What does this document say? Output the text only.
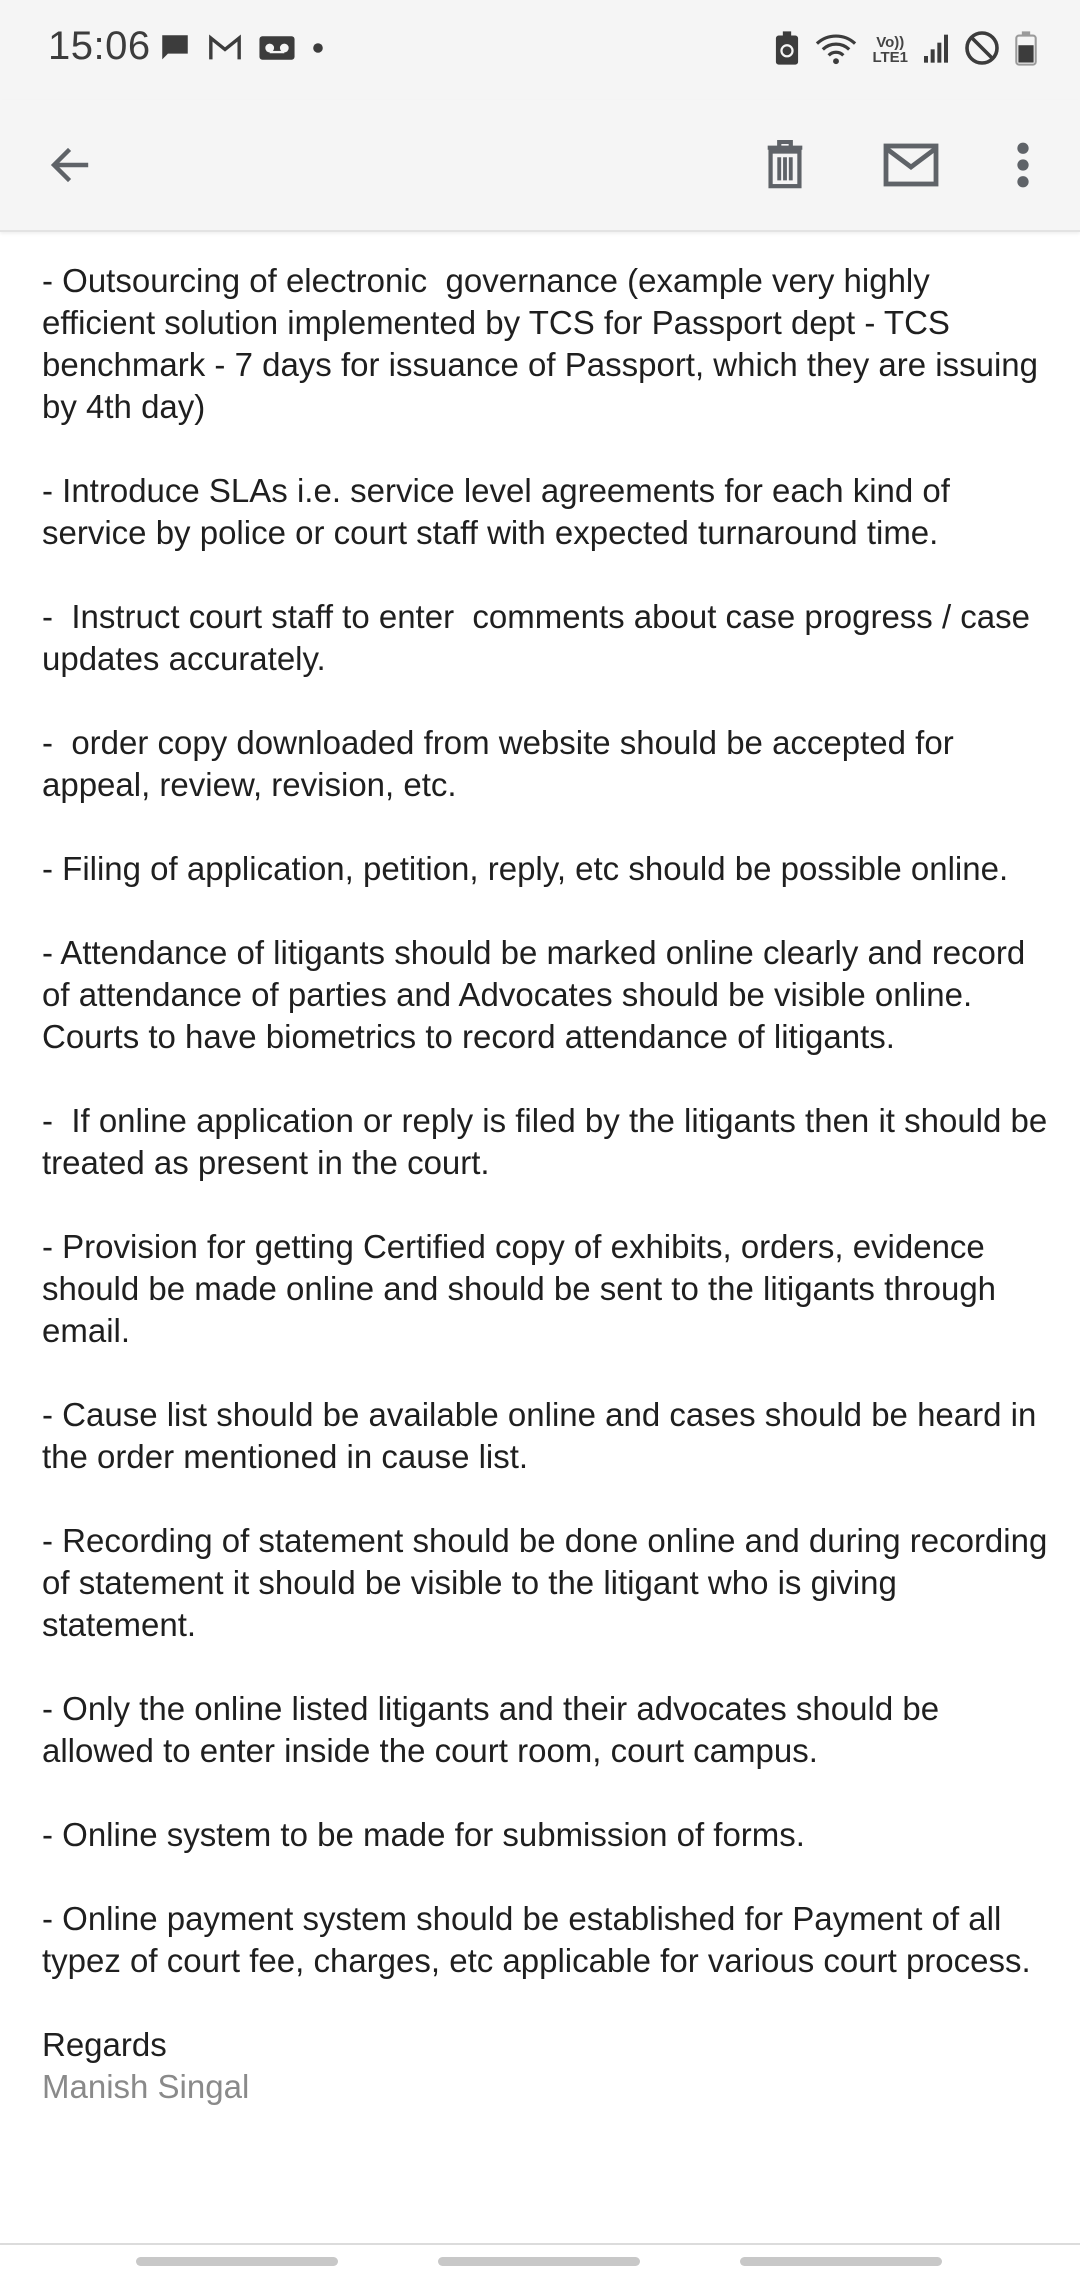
15:06	Vo))
LTE1

- Outsourcing of electronic  governance (example very highly efficient solution implemented by TCS for Passport dept - TCS benchmark - 7 days for issuance of Passport, which they are issuing by 4th day)

- Introduce SLAs i.e. service level agreements for each kind of service by police or court staff with expected turnaround time.

-  Instruct court staff to enter  comments about case progress / case updates accurately.

-  order copy downloaded from website should be accepted for appeal, review, revision, etc.

- Filing of application, petition, reply, etc should be possible online.

- Attendance of litigants should be marked online clearly and record of attendance of parties and Advocates should be visible online.
Courts to have biometrics to record attendance of litigants.

-  If online application or reply is filed by the litigants then it should be treated as present in the court.

- Provision for getting Certified copy of exhibits, orders, evidence should be made online and should be sent to the litigants through email.

- Cause list should be available online and cases should be heard in the order mentioned in cause list.

- Recording of statement should be done online and during recording of statement it should be visible to the litigant who is giving statement.

- Only the online listed litigants and their advocates should be allowed to enter inside the court room, court campus.

- Online system to be made for submission of forms.

- Online payment system should be established for Payment of all typez of court fee, charges, etc applicable for various court process.

Regards

Manish Singal
